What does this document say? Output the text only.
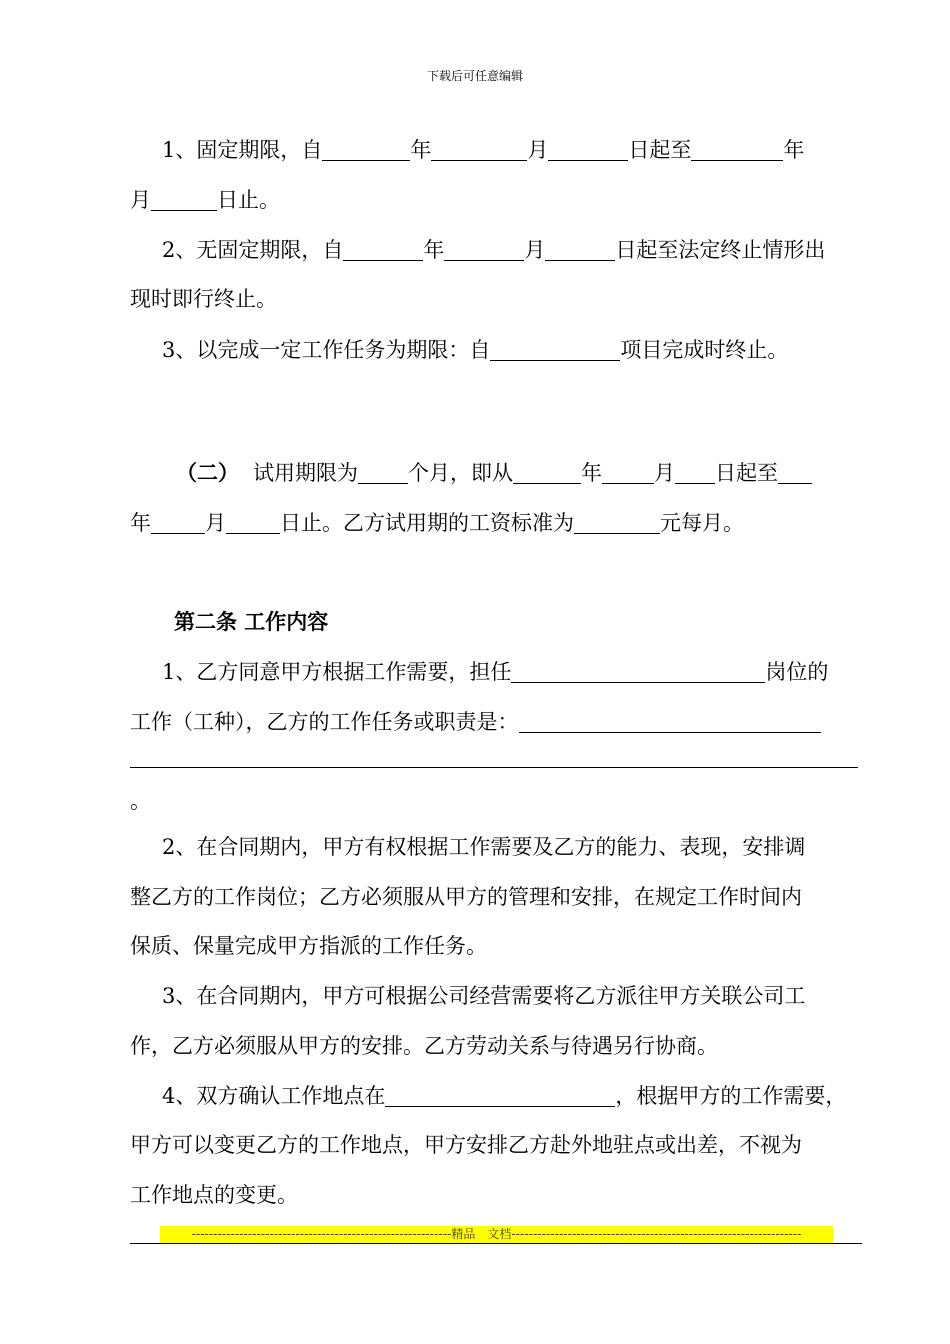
下载后可任意编辑
1、固定期限，自	年	月	日起至	年
月	日止。
2、无固定期限，自	年	月	日起至法定终止情形出
现时即行终止。
3、以完成一定工作任务为期限：自	项目完成时终止。
（二） 试用期限为 个月，即从	年 月 日起至
年	月	日止。乙方试用期的工资标准为	元每月。
第二条 工作内容
1、乙方同意甲方根据工作需要，担任	岗位的
工作（工种），乙方的工作任务或职责是：
。
2、在合同期内，甲方有权根据工作需要及乙方的能力、表现，安排调
整乙方的工作岗位；乙方必须服从甲方的管理和安排，在规定工作时间内
保质、保量完成甲方指派的工作任务。
3、在合同期内，甲方可根据公司经营需要将乙方派往甲方关联公司工
作，乙方必须服从甲方的安排。乙方劳动关系与待遇另行协商。
4、双方确认工作地点在	，根据甲方的工作需要，
甲方可以变更乙方的工作地点，甲方安排乙方赴外地驻点或出差，不视为
工作地点的变更。
------------------------------------------------------------精品　文档-------------------------------------------------------------------
